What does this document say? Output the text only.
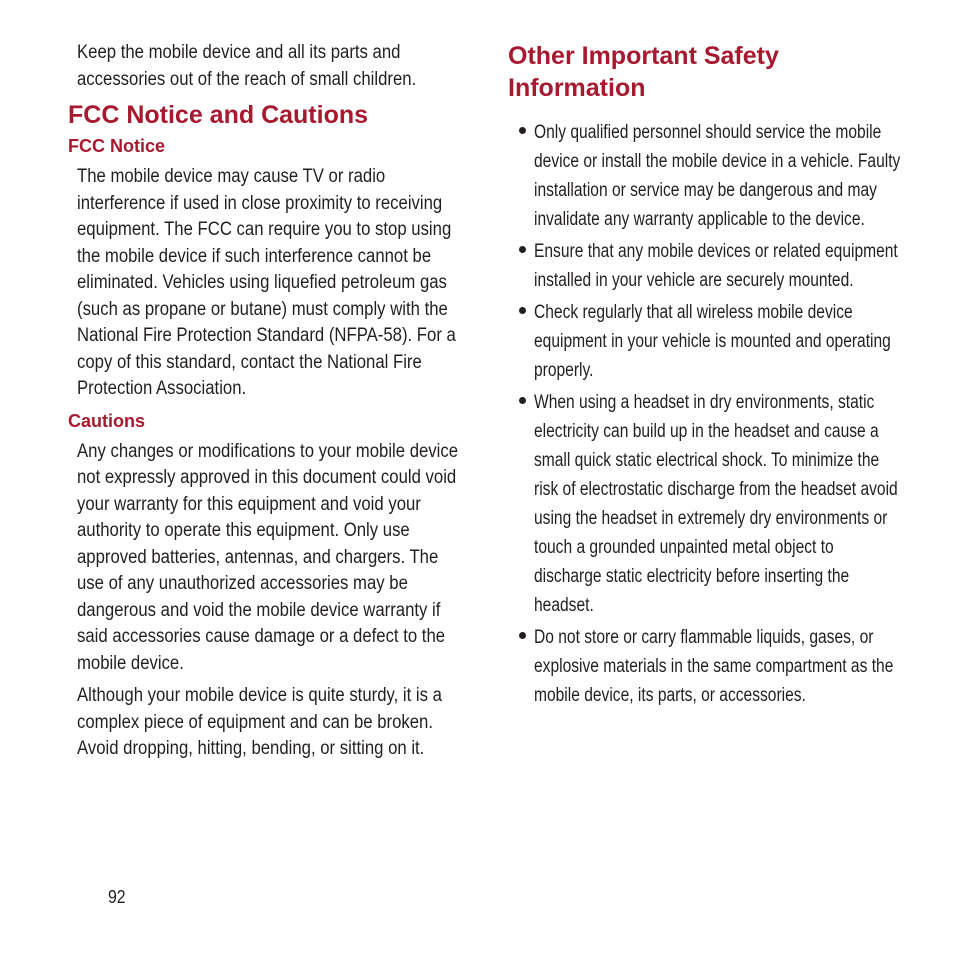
Keep the mobile device and all its parts and accessories out of the reach of small children.

FCC Notice and Cautions
FCC Notice

The mobile device may cause TV or radio interference if used in close proximity to receiving equipment. The FCC can require you to stop using the mobile device if such interference cannot be eliminated. Vehicles using liquefied petroleum gas (such as propane or butane) must comply with the National Fire Protection Standard (NFPA-58). For a copy of this standard, contact the National Fire Protection Association.

Cautions

Any changes or modifications to your mobile device not expressly approved in this document could void your warranty for this equipment and void your authority to operate this equipment. Only use approved batteries, antennas, and chargers. The use of any unauthorized accessories may be dangerous and void the mobile device warranty if said accessories cause damage or a defect to the mobile device.

Although your mobile device is quite sturdy, it is a complex piece of equipment and can be broken. Avoid dropping, hitting, bending, or sitting on it.

Other Important Safety
Information
Only qualified personnel should service the mobile device or install the mobile device in a vehicle. Faulty installation or service may be dangerous and may invalidate any warranty applicable to the device.
Ensure that any mobile devices or related equipment installed in your vehicle are securely mounted.
Check regularly that all wireless mobile device equipment in your vehicle is mounted and operating properly.
When using a headset in dry environments, static electricity can build up in the headset and cause a small quick static electrical shock. To minimize the risk of electrostatic discharge from the headset avoid using the headset in extremely dry environments or touch a grounded unpainted metal object to discharge static electricity before inserting the headset.
Do not store or carry flammable liquids, gases, or explosive materials in the same compartment as the mobile device, its parts, or accessories.
92
